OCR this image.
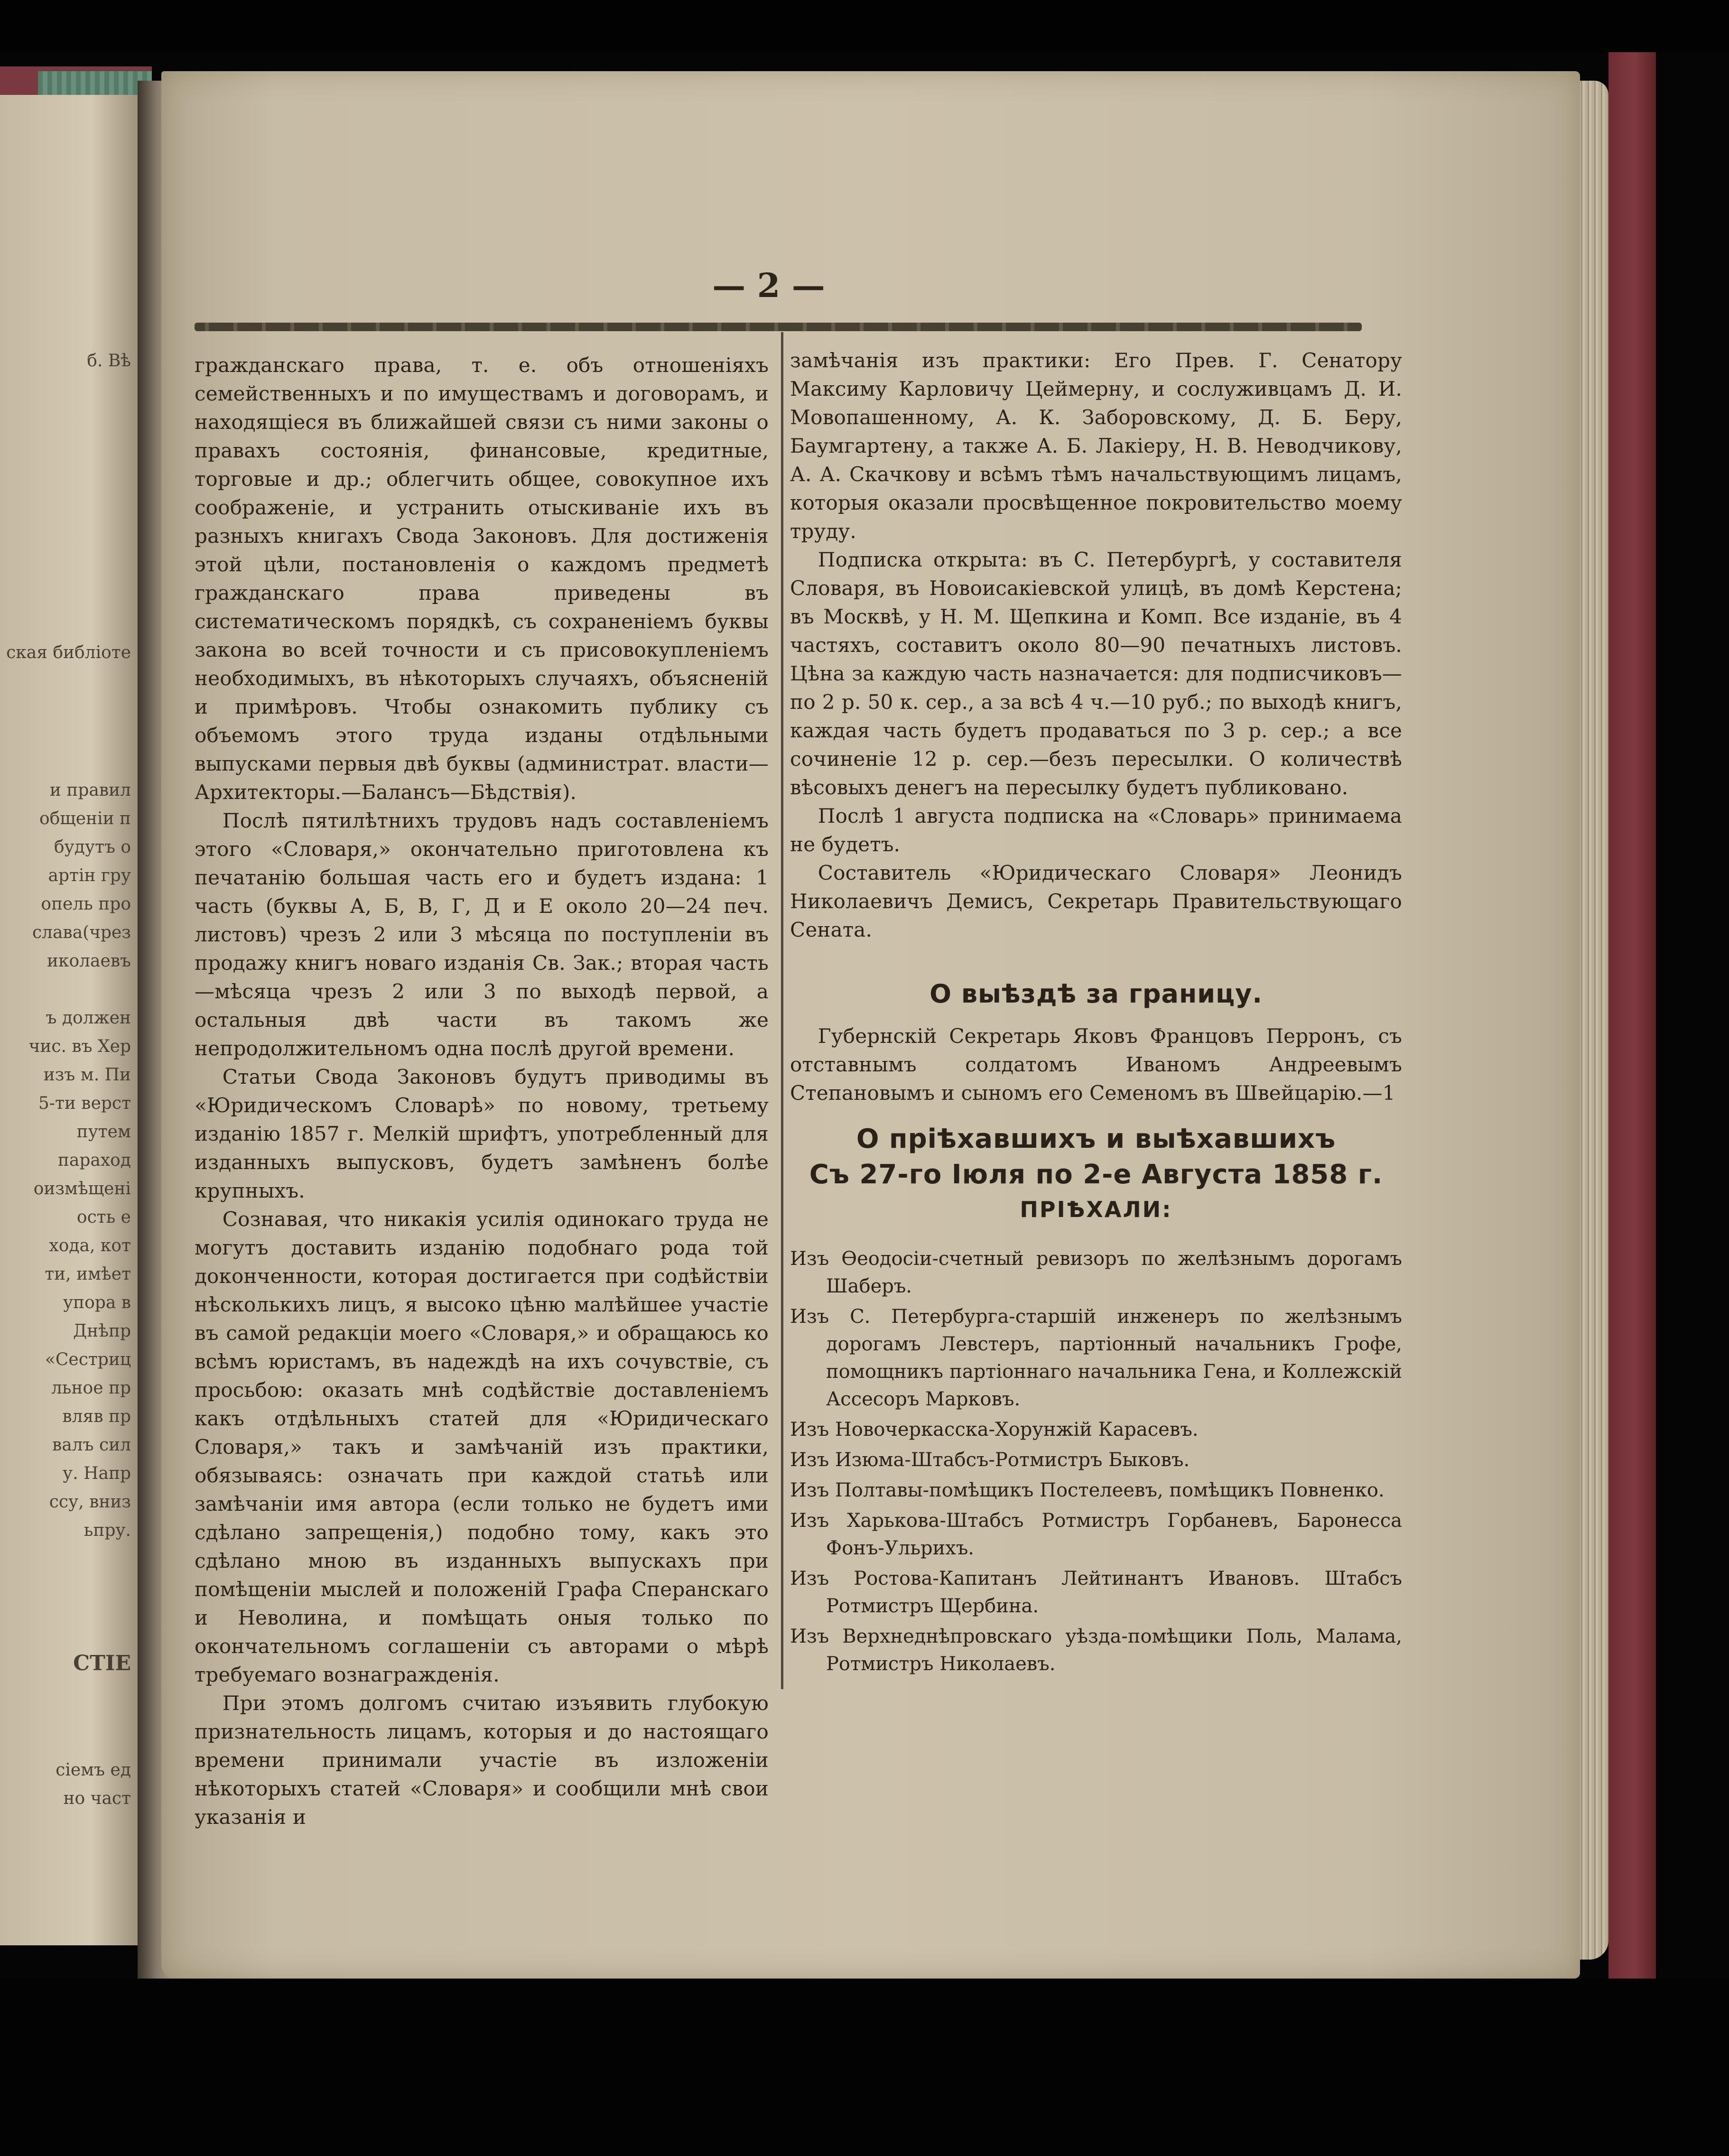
б. Вѣ
ская библіоте
и правил
общеніи п
будутъ о
артін гру
опель про
слава(чрез
иколаевъ
ъ должен
чис. въ Хер
изъ м. Пи
5-ти верст
путем
параход
оизмѣщені
ость е
хода, кот
ти, имѣет
упора в
Днѣпр
«Сестриц
льное пр
вляв пр
валъ сил
у. Напр
ссу, вниз
ьпру.
СТІЕ
сіемъ ед
но част
— 2 —

гражданскаго права, т. е. объ отношеніяхъ семейственныхъ и по имуществамъ и договорамъ, и находящіеся въ ближайшей связи съ ними законы о правахъ состоянія, финансовые, кредитные, торговые и др.; облегчить общее, совокупное ихъ соображеніе, и устранить отыскиваніе ихъ въ разныхъ книгахъ Свода Законовъ. Для достиженія этой цѣли, постановленія о каждомъ предметѣ гражданскаго права приведены въ систематическомъ порядкѣ, съ сохраненіемъ буквы закона во всей точности и съ присовокупленіемъ необходимыхъ, въ нѣкоторыхъ случаяхъ, объясненій и примѣровъ. Чтобы ознакомить публику съ объемомъ этого труда изданы отдѣльными выпусками первыя двѣ буквы (администрат. власти—Архитекторы.—Балансъ—Бѣдствія).

Послѣ пятилѣтнихъ трудовъ надъ составленіемъ этого «Словаря,» окончательно приготовлена къ печатанію большая часть его и будетъ издана: 1 часть (буквы А, Б, В, Г, Д и Е около 20—24 печ. листовъ) чрезъ 2 или 3 мѣсяца по поступленіи въ продажу книгъ новаго изданія Св. Зак.; вторая часть—мѣсяца чрезъ 2 или 3 по выходѣ первой, а остальныя двѣ части въ такомъ же непродолжительномъ одна послѣ другой времени.

Статьи Свода Законовъ будутъ приводимы въ «Юридическомъ Словарѣ» по новому, третьему изданію 1857 г. Мелкій шрифтъ, употребленный для изданныхъ выпусковъ, будетъ замѣненъ болѣе крупныхъ.

Сознавая, что никакія усилія одинокаго труда не могутъ доставить изданію подобнаго рода той доконченности, которая достигается при содѣйствіи нѣсколькихъ лицъ, я высоко цѣню малѣйшее участіе въ самой редакціи моего «Словаря,» и обращаюсь ко всѣмъ юристамъ, въ надеждѣ на ихъ сочувствіе, съ просьбою: оказать мнѣ содѣйствіе доставленіемъ какъ отдѣльныхъ статей для «Юридическаго Словаря,» такъ и замѣчаній изъ практики, обязываясь: означать при каждой статьѣ или замѣчаніи имя автора (если только не будетъ ими сдѣлано запрещенія,) подобно тому, какъ это сдѣлано мною въ изданныхъ выпускахъ при помѣщеніи мыслей и положеній Графа Сперанскаго и Неволина, и помѣщать оныя только по окончательномъ соглашеніи съ авторами о мѣрѣ требуемаго вознагражденія.

При этомъ долгомъ считаю изъявить глубокую признательность лицамъ, которыя и до настоящаго времени принимали участіе въ изложеніи нѣкоторыхъ статей «Словаря» и сообщили мнѣ свои указанія и

замѣчанія изъ практики: Его Прев. Г. Сенатору Максиму Карловичу Цеймерну, и сослуживцамъ Д. И. Мовопашенному, А. К. Заборовскому, Д. Б. Беру, Баумгартену, а также А. Б. Лакіеру, Н. В. Неводчикову, А. А. Скачкову и всѣмъ тѣмъ начальствующимъ лицамъ, которыя оказали просвѣщенное покровительство моему труду.

Подписка открыта: въ С. Петербургѣ, у составителя Словаря, въ Новоисакіевской улицѣ, въ домѣ Керстена; въ Москвѣ, у Н. М. Щепкина и Комп. Все изданіе, въ 4 частяхъ, составитъ около 80—90 печатныхъ листовъ. Цѣна за каждую часть назначается: для подписчиковъ—по 2 р. 50 к. сер., а за всѣ 4 ч.—10 руб.; по выходѣ книгъ, каждая часть будетъ продаваться по 3 р. сер.; а все сочиненіе 12 р. сер.—безъ пересылки. О количествѣ вѣсовыхъ денегъ на пересылку будетъ публиковано.

Послѣ 1 августа подписка на «Словарь» принимаема не будетъ.

Составитель «Юридическаго Словаря» Леонидъ Николаевичъ Демисъ, Секретарь Правительствующаго Сената.

О выѣздѣ за границу.

Губернскій Секретарь Яковъ Францовъ Перронъ, съ отставнымъ солдатомъ Иваномъ Андреевымъ Степановымъ и сыномъ его Семеномъ въ Швейцарію.—1

О пріѣхавшихъ и выѣхавшихъ
Съ 27-го Іюля по 2-е Августа 1858 г.
ПРІѢХАЛИ:

Изъ Ѳеодосіи-счетный ревизоръ по желѣзнымъ дорогамъ Шаберъ.

Изъ С. Петербурга-старшій инженеръ по желѣзнымъ дорогамъ Левстеръ, партіонный начальникъ Грофе, помощникъ партіоннаго начальника Гена, и Коллежскій Ассесоръ Марковъ.

Изъ Новочеркасска-Хорунжій Карасевъ.

Изъ Изюма-Штабсъ-Ротмистръ Быковъ.

Изъ Полтавы-помѣщикъ Постелеевъ, помѣщикъ Повненко.

Изъ Харькова-Штабсъ Ротмистръ Горбаневъ, Баронесса Фонъ-Ульрихъ.

Изъ Ростова-Капитанъ Лейтинантъ Ивановъ. Штабсъ Ротмистръ Щербина.

Изъ Верхнеднѣпровскаго уѣзда-помѣщики Поль, Малама, Ротмистръ Николаевъ.
